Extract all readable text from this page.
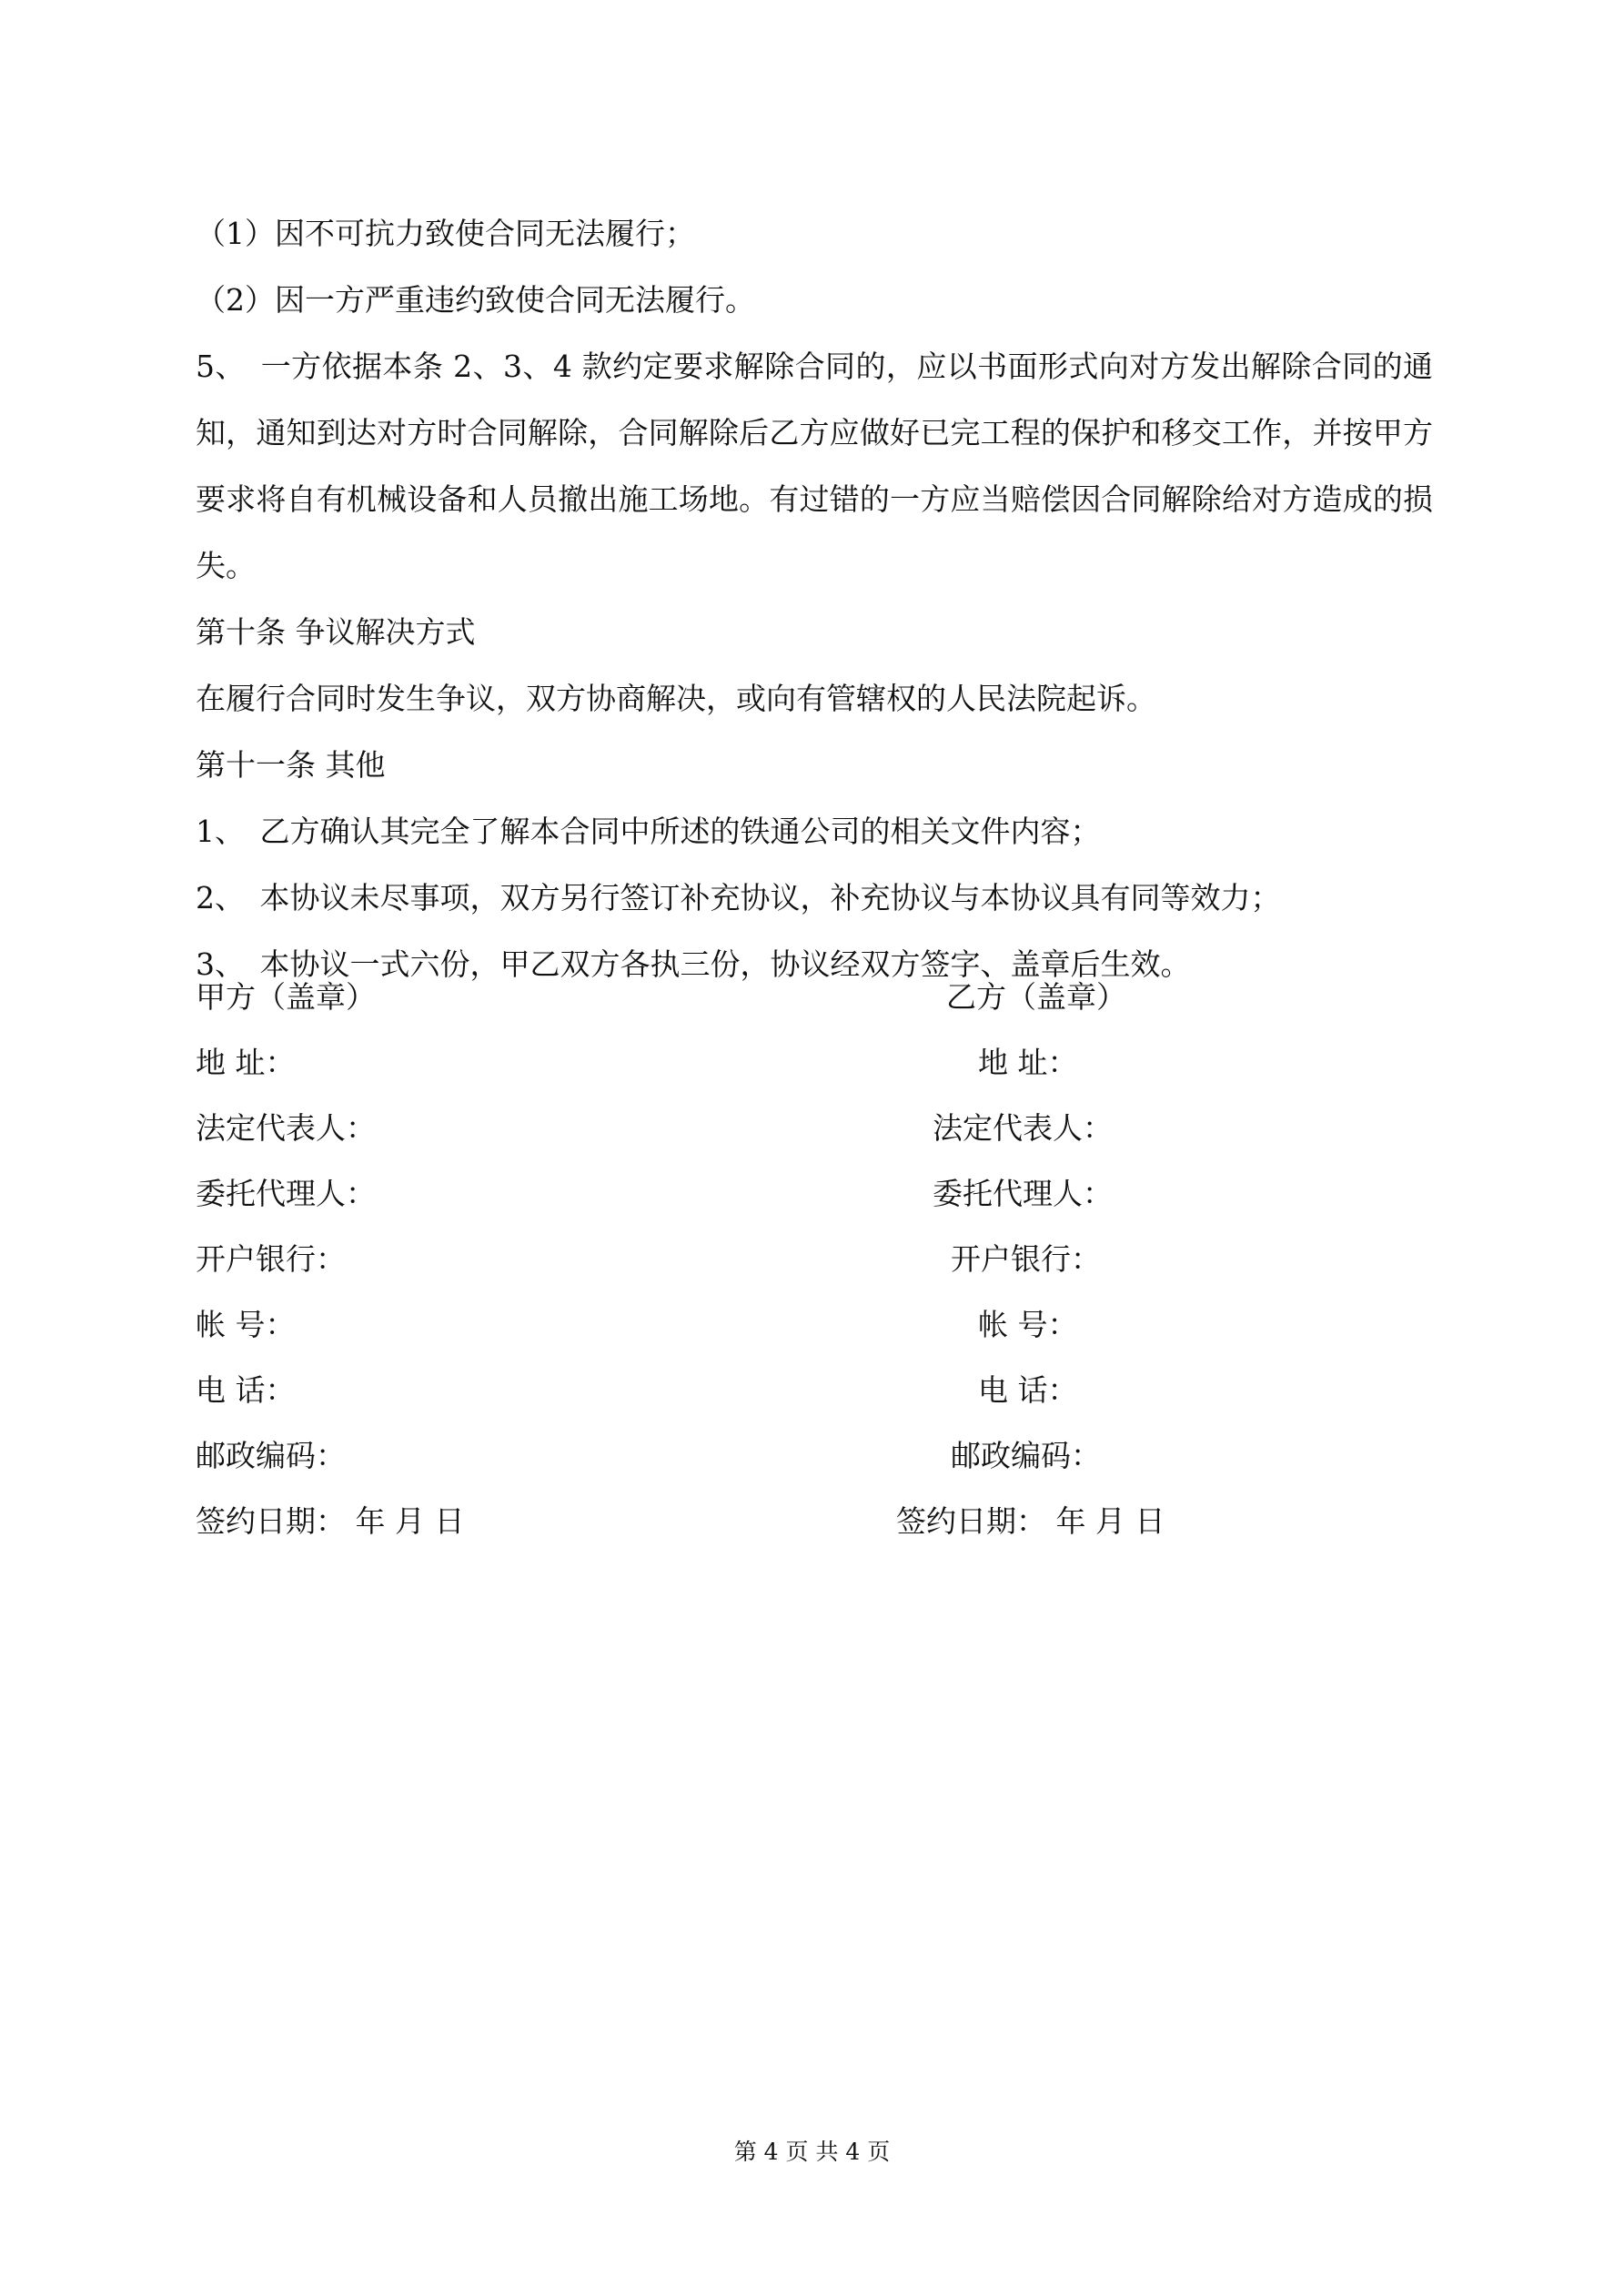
（1）因不可抗力致使合同无法履行；
（2）因一方严重违约致使合同无法履行。
5、　一方依据本条 2、3、4 款约定要求解除合同的，应以书面形式向对方发出解除合同的通知，通知到达对方时合同解除，合同解除后乙方应做好已完工程的保护和移交工作，并按甲方要求将自有机械设备和人员撤出施工场地。有过错的一方应当赔偿因合同解除给对方造成的损失。
第十条 争议解决方式
在履行合同时发生争议，双方协商解决，或向有管辖权的人民法院起诉。
第十一条 其他
1、　乙方确认其完全了解本合同中所述的铁通公司的相关文件内容；
2、　本协议未尽事项，双方另行签订补充协议，补充协议与本协议具有同等效力；
3、　本协议一式六份，甲乙双方各执三份，协议经双方签字、盖章后生效。
甲方（盖章）	乙方（盖章）
地 址：	地 址：
法定代表人：	法定代表人：
委托代理人：	委托代理人：
开户银行：	开户银行：
帐 号：	帐 号：
电 话：	电 话：
邮政编码：	邮政编码：
签约日期： 年 月 日	签约日期： 年 月 日
第 4 页 共 4 页
